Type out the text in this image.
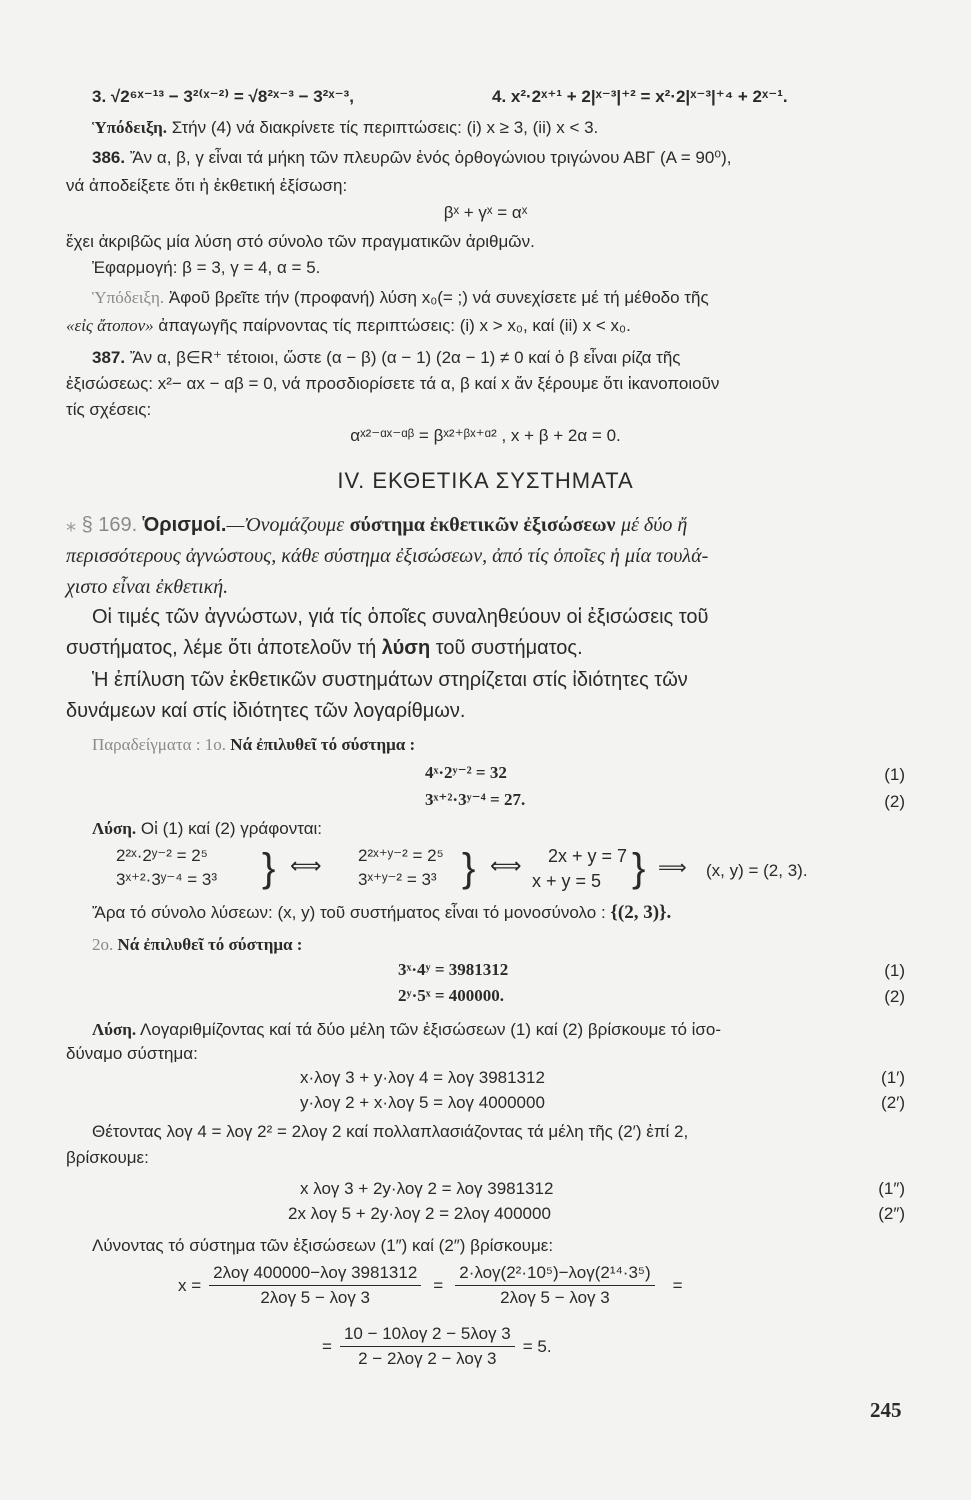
3. √2⁶ˣ⁻¹³ − 3²⁽ˣ⁻²⁾ = √8²ˣ⁻³ − 3²ˣ⁻³,	4. x²·2ˣ⁺¹ + 2|ˣ⁻³|⁺² = x²·2|ˣ⁻³|⁺⁴ + 2ˣ⁻¹.
Ὑπόδειξη. Στήν (4) νά διακρίνετε τίς περιπτώσεις: (i) x ≥ 3, (ii) x < 3.
386. Ἄν α, β, γ εἶναι τά μήκη τῶν πλευρῶν ἑνός ὀρθογώνιου τριγώνου ΑΒΓ (Α = 90⁰),
νά ἀποδείξετε ὅτι ἡ ἐκθετική ἐξίσωση:
βˣ + γˣ = αˣ
ἔχει ἀκριβῶς μία λύση στό σύνολο τῶν πραγματικῶν ἀριθμῶν.
Ἐφαρμογή: β = 3, γ = 4, α = 5.
Ὑπόδειξη. Ἀφοῦ βρεῖτε τήν (προφανή) λύση x₀(= ;) νά συνεχίσετε μέ τή μέθοδο τῆς
«εἰς ἄτοπον» ἀπαγωγῆς παίρνοντας τίς περιπτώσεις: (i) x > x₀, καί (ii) x < x₀.
387. Ἄν α, β∈R⁺ τέτοιοι, ὥστε (α − β) (α − 1) (2α − 1) ≠ 0 καί ὁ β εἶναι ρίζα τῆς
ἐξισώσεως: x²− αx − αβ = 0, νά προσδιορίσετε τά α, β καί x ἄν ξέρουμε ὅτι ἱκανοποιοῦν
τίς σχέσεις:
αˣ²⁻ᵅˣ⁻ᵅᵝ = βˣ²⁺ᵝˣ⁺ᵅ² , x + β + 2α = 0.
IV. ΕΚΘΕΤΙΚΑ ΣΥΣΤΗΜΑΤΑ
⁎ § 169. Ὁρισμοί.—Ὀνομάζουμε σύστημα ἐκθετικῶν ἐξισώσεων μέ δύο ἤ
περισσότερους ἀγνώστους, κάθε σύστημα ἐξισώσεων, ἀπό τίς ὁποῖες ἡ μία τουλά-
χιστο εἶναι ἐκθετική.
Οἱ τιμές τῶν ἀγνώστων, γιά τίς ὁποῖες συναληθεύουν οἱ ἐξισώσεις τοῦ
συστήματος, λέμε ὅτι ἀποτελοῦν τή λύση τοῦ συστήματος.
Ἡ ἐπίλυση τῶν ἐκθετικῶν συστημάτων στηρίζεται στίς ἰδιότητες τῶν
δυνάμεων καί στίς ἰδιότητες τῶν λογαρίθμων.
Παραδείγματα : 1ο. Νά ἐπιλυθεῖ τό σύστημα :
4ˣ·2ʸ⁻² = 32	(1)
3ˣ⁺²·3ʸ⁻⁴ = 27.	(2)
Λύση. Οἱ (1) καί (2) γράφονται:
2²ˣ·2ʸ⁻² = 2⁵
3ˣ⁺²·3ʸ⁻⁴ = 3³ } ⟺ 2²ˣ⁺ʸ⁻² = 2⁵
3ˣ⁺ʸ⁻² = 3³ } ⟺ 2x + y = 7
x + y = 5 } ⟹ (x, y) = (2, 3).
Ἄρα τό σύνολο λύσεων: (x, y) τοῦ συστήματος εἶναι τό μονοσύνολο : {(2, 3)}.
2ο. Νά ἐπιλυθεῖ τό σύστημα :
3ˣ·4ʸ = 3981312	(1)
2ʸ·5ˣ = 400000.	(2)
Λύση. Λογαριθμίζοντας καί τά δύο μέλη τῶν ἐξισώσεων (1) καί (2) βρίσκουμε τό ἰσο-
δύναμο σύστημα:
x·λογ 3 + y·λογ 4 = λογ 3981312	(1′)
y·λογ 2 + x·λογ 5 = λογ 4000000	(2′)
Θέτοντας λογ 4 = λογ 2² = 2λογ 2 καί πολλαπλασιάζοντας τά μέλη τῆς (2′) ἐπί 2,
βρίσκουμε:
x λογ 3 + 2y·λογ 2 = λογ 3981312	(1″)
2x λογ 5 + 2y·λογ 2 = 2λογ 400000	(2″)
Λύνοντας τό σύστημα τῶν ἐξισώσεων (1″) καί (2″) βρίσκουμε:
x =
2λογ 400000−λογ 3981312
2λογ 5 − λογ 3
=
2·λογ(2²·10⁵)−λογ(2¹⁴·3⁵)
2λογ 5 − λογ 3
=
=
10 − 10λογ 2 − 5λογ 3
2 − 2λογ 2 − λογ 3
= 5.
245
